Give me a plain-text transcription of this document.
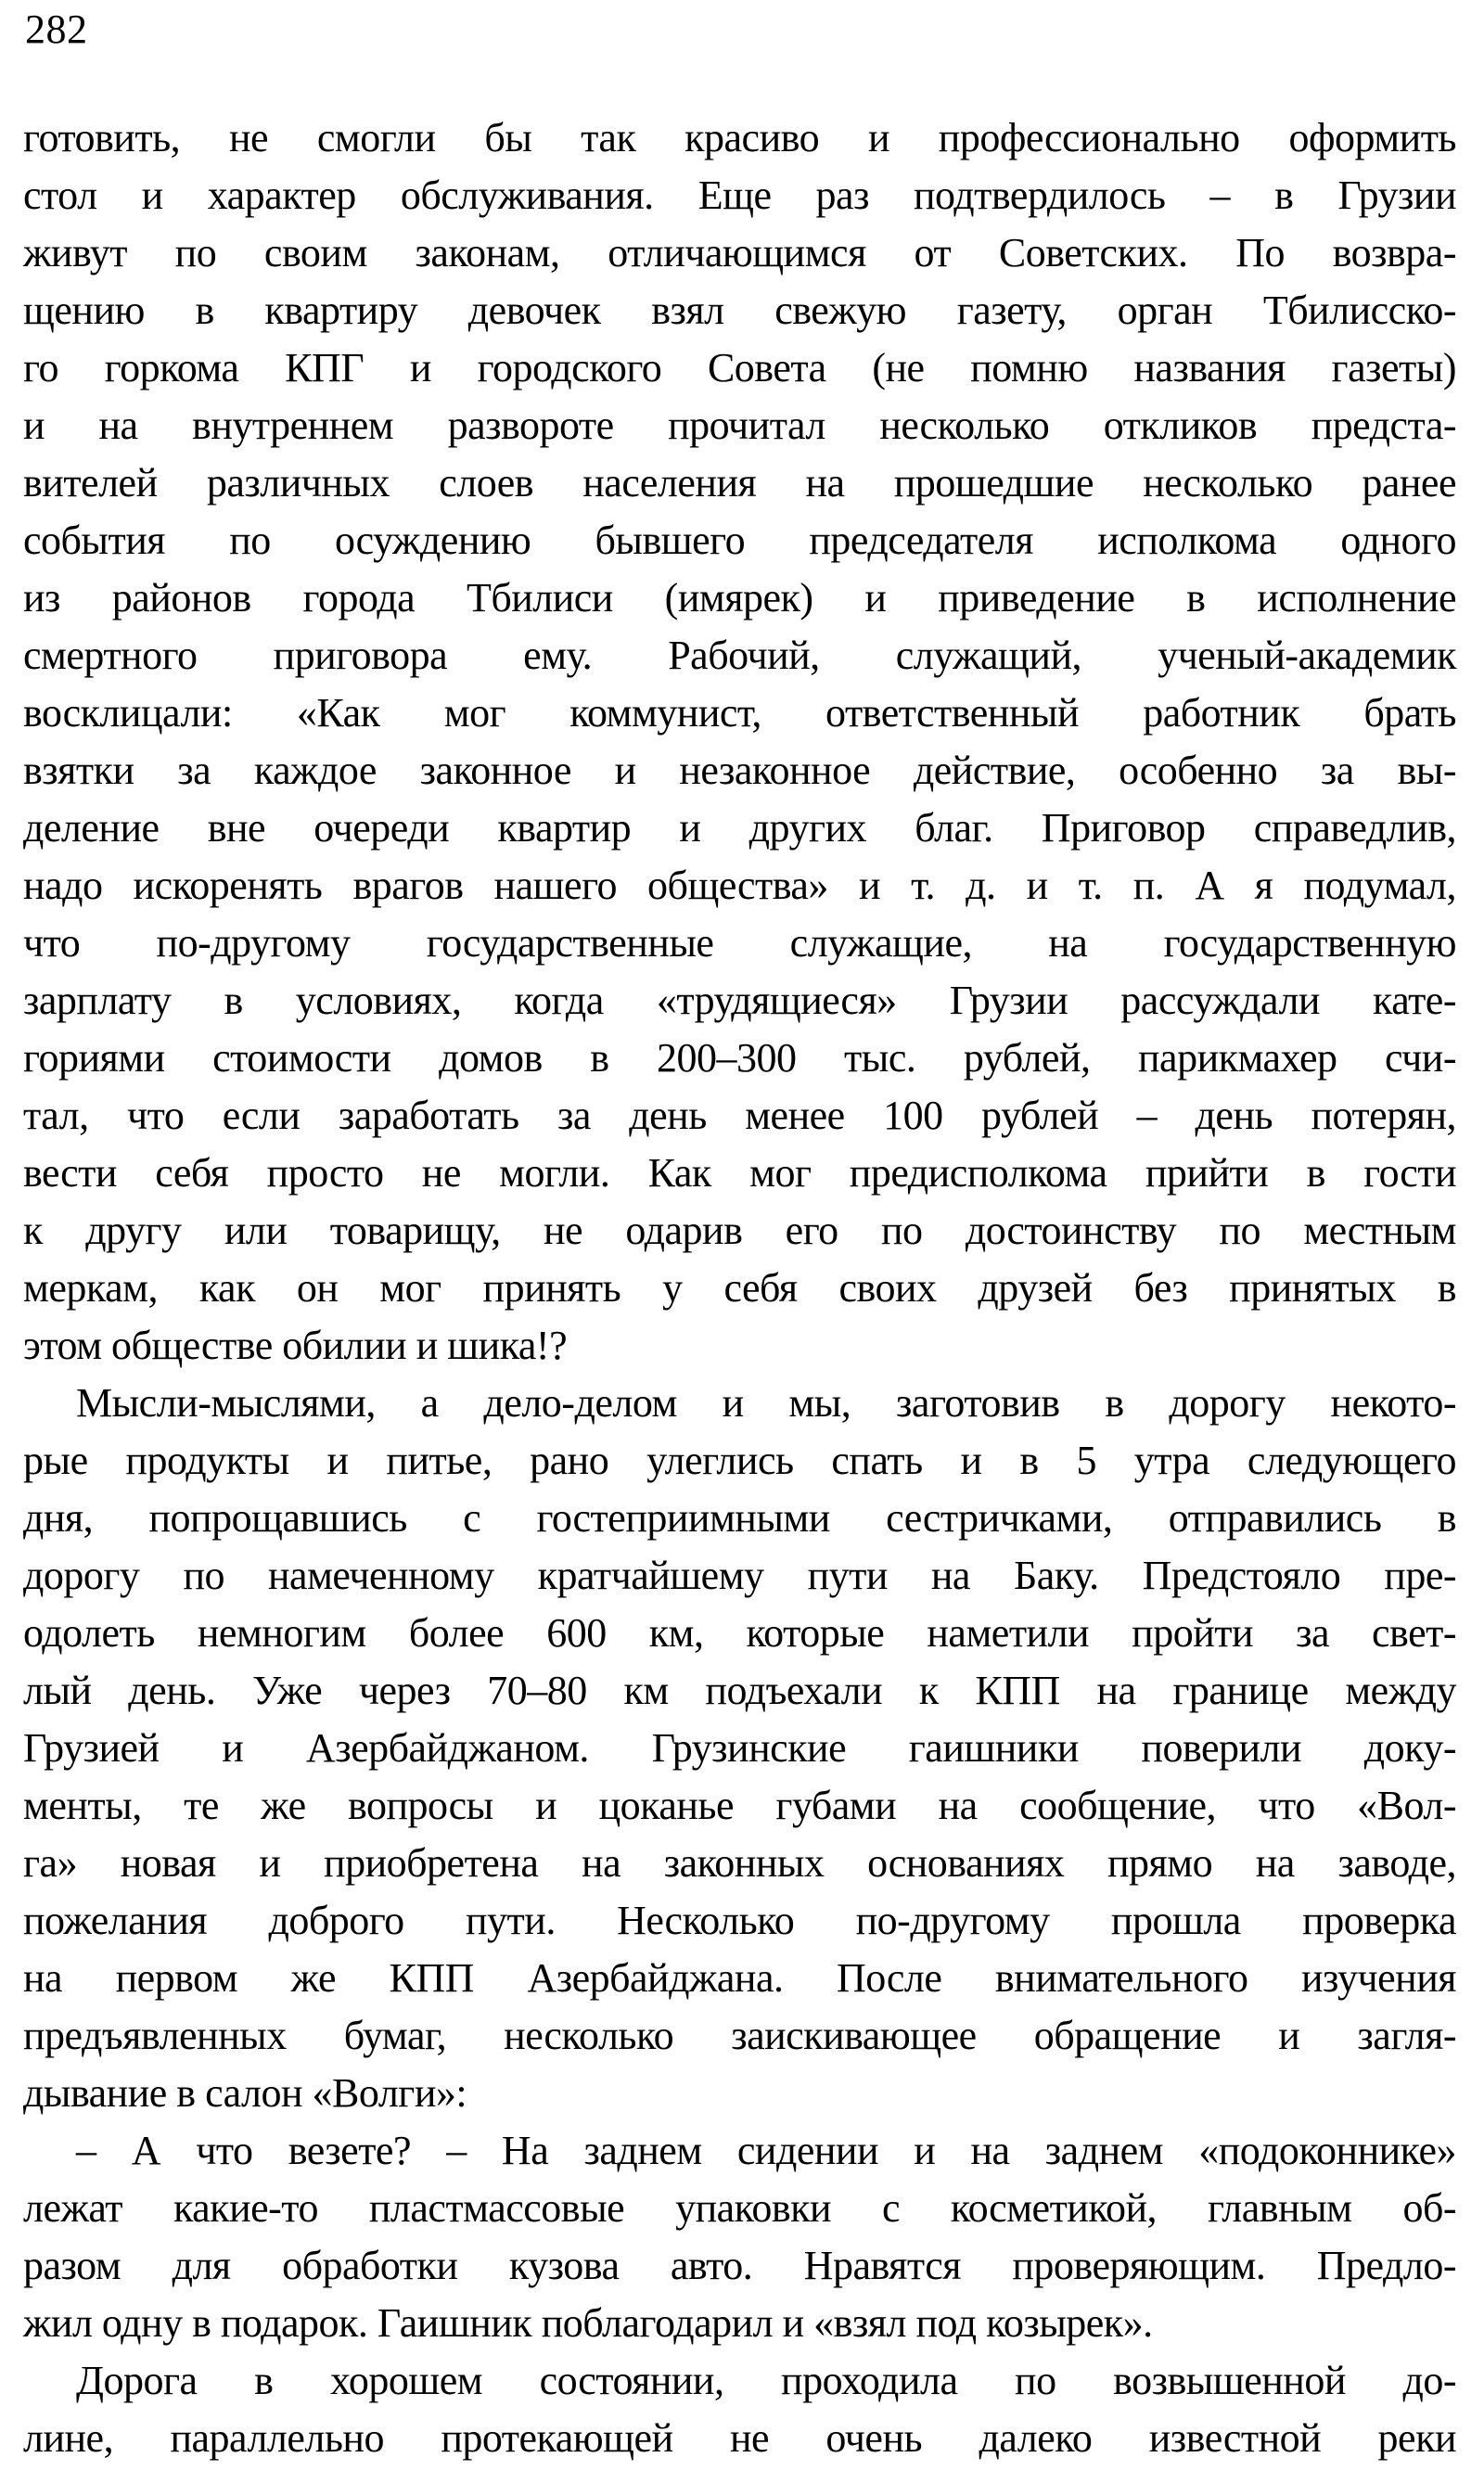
282
готовить, не смогли бы так красиво и профессионально оформить
стол и характер обслуживания. Еще раз подтвердилось – в Грузии
живут по своим законам, отличающимся от Советских. По возвра-
щению в квартиру девочек взял свежую газету, орган Тбилисско-
го горкома КПГ и городского Совета (не помню названия газеты)
и на внутреннем развороте прочитал несколько откликов предста-
вителей различных слоев населения на прошедшие несколько ранее
события по осуждению бывшего председателя исполкома одного
из районов города Тбилиси (имярек) и приведение в исполнение
смертного приговора ему. Рабочий, служащий, ученый-академик
восклицали: «Как мог коммунист, ответственный работник брать
взятки за каждое законное и незаконное действие, особенно за вы-
деление вне очереди квартир и других благ. Приговор справедлив,
надо искоренять врагов нашего общества» и т. д. и т. п. А я подумал,
что по-другому государственные служащие, на государственную
зарплату в условиях, когда «трудящиеся» Грузии рассуждали кате-
гориями стоимости домов в 200–300 тыс. рублей, парикмахер счи-
тал, что если заработать за день менее 100 рублей – день потерян,
вести себя просто не могли. Как мог предисполкома прийти в гости
к другу или товарищу, не одарив его по достоинству по местным
меркам, как он мог принять у себя своих друзей без принятых в
этом обществе обилии и шика!?
Мысли-мыслями, а дело-делом и мы, заготовив в дорогу некото-
рые продукты и питье, рано улеглись спать и в 5 утра следующего
дня, попрощавшись с гостеприимными сестричками, отправились в
дорогу по намеченному кратчайшему пути на Баку. Предстояло пре-
одолеть немногим более 600 км, которые наметили пройти за свет-
лый день. Уже через 70–80 км подъехали к КПП на границе между
Грузией и Азербайджаном. Грузинские гаишники поверили доку-
менты, те же вопросы и цоканье губами на сообщение, что «Вол-
га» новая и приобретена на законных основаниях прямо на заводе,
пожелания доброго пути. Несколько по-другому прошла проверка
на первом же КПП Азербайджана. После внимательного изучения
предъявленных бумаг, несколько заискивающее обращение и загля-
дывание в салон «Волги»:
– А что везете? – На заднем сидении и на заднем «подоконнике»
лежат какие-то пластмассовые упаковки с косметикой, главным об-
разом для обработки кузова авто. Нравятся проверяющим. Предло-
жил одну в подарок. Гаишник поблагодарил и «взял под козырек».
Дорога в хорошем состоянии, проходила по возвышенной до-
лине, параллельно протекающей не очень далеко известной реки
